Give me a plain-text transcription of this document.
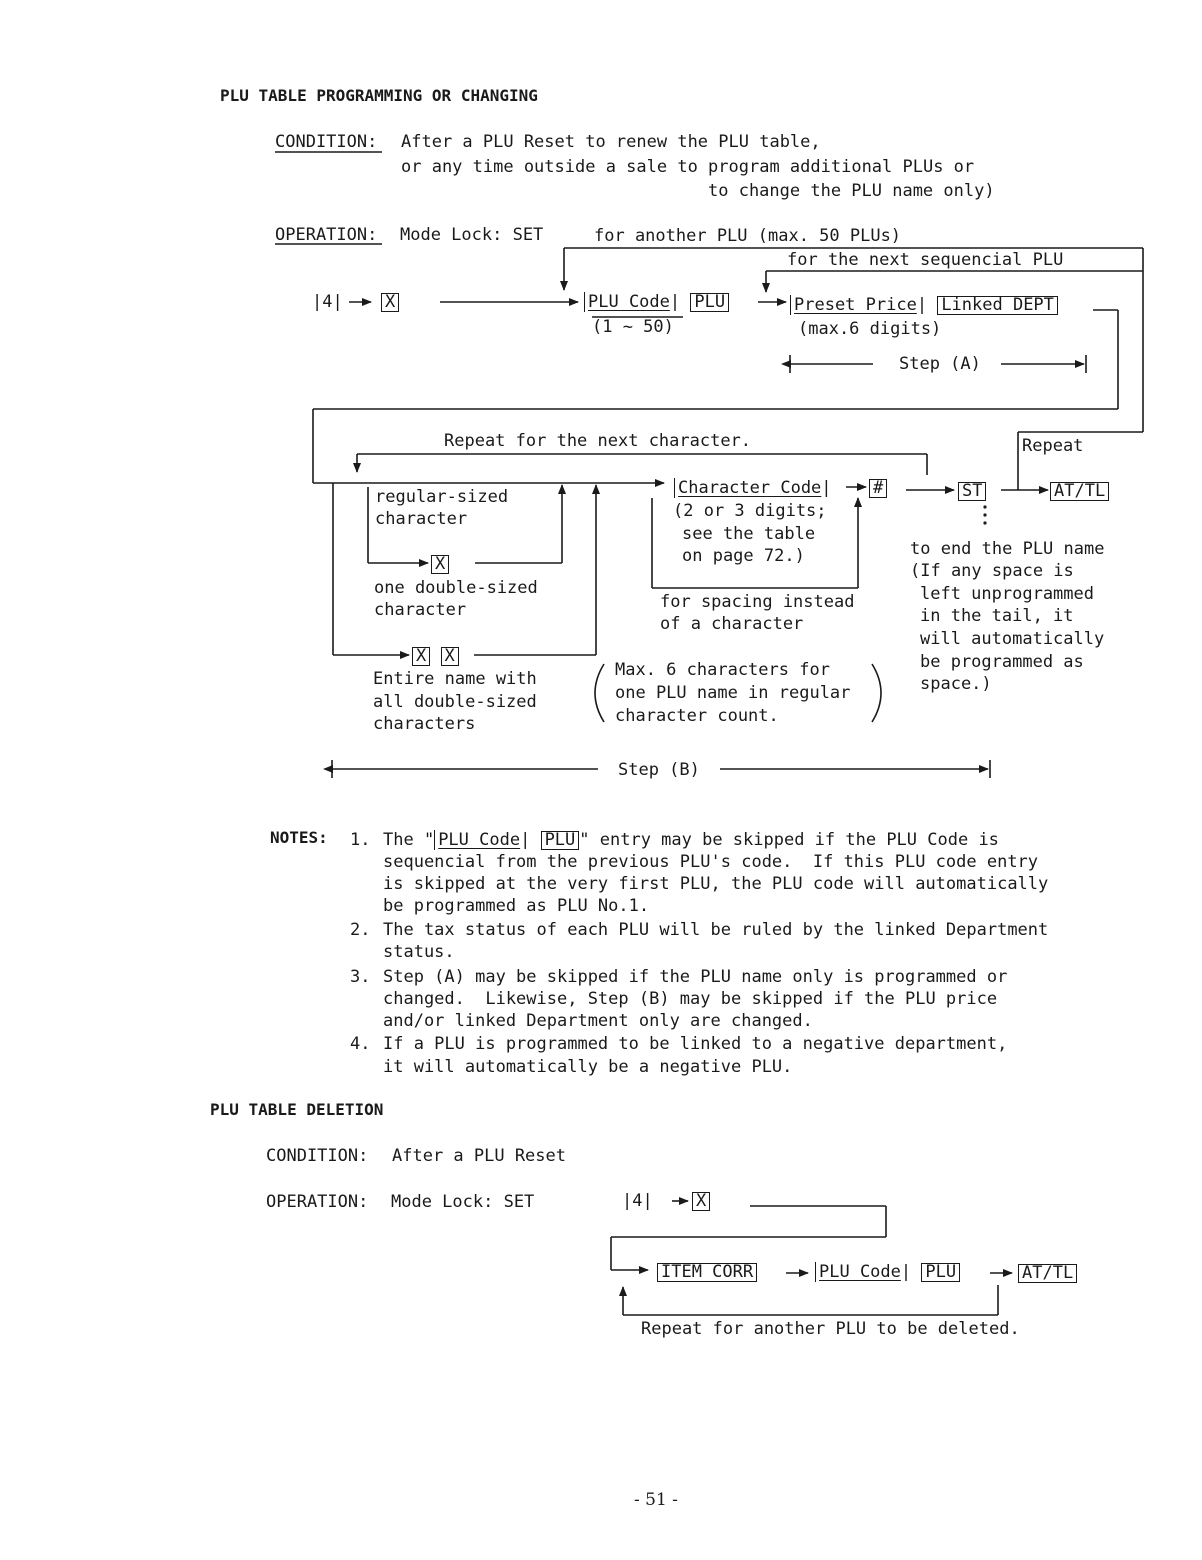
PLU TABLE PROGRAMMING OR CHANGING
CONDITION: After a PLU Reset to renew the PLU table,
or any time outside a sale to program additional PLUs or
to change the PLU name only)
OPERATION: Mode Lock: SET	for another PLU (max. 50 PLUs)
for the next sequencial PLU
|4| X	PLU Code| PLU
(1 ~ 50)
Preset Price| Linked DEPT
(max.6 digits)
Step (A)
Repeat for the next character.	Repeat
regular-sized
character
X
one double-sized
character
X X
Entire name with
all double-sized
characters
Character Code| #
(2 or 3 digits;
see the table
on page 72.)
for spacing instead
of a character
Max. 6 characters for
one PLU name in regular
character count.
ST	AT/TL
to end the PLU name
(If any space is
left unprogrammed
in the tail, it
will automatically
be programmed as
space.)
Step (B)
NOTES: 1. The " PLU Code| PLU " entry may be skipped if the PLU Code is
sequencial from the previous PLU's code.  If this PLU code entry
is skipped at the very first PLU, the PLU code will automatically
be programmed as PLU No.1.
2. The tax status of each PLU will be ruled by the linked Department
status.
3. Step (A) may be skipped if the PLU name only is programmed or
changed.  Likewise, Step (B) may be skipped if the PLU price
and/or linked Department only are changed.
4. If a PLU is programmed to be linked to a negative department,
it will automatically be a negative PLU.
PLU TABLE DELETION
CONDITION: After a PLU Reset
OPERATION: Mode Lock: SET	|4|	X
ITEM CORR	PLU Code| PLU	AT/TL
Repeat for another PLU to be deleted.
- 51 -
